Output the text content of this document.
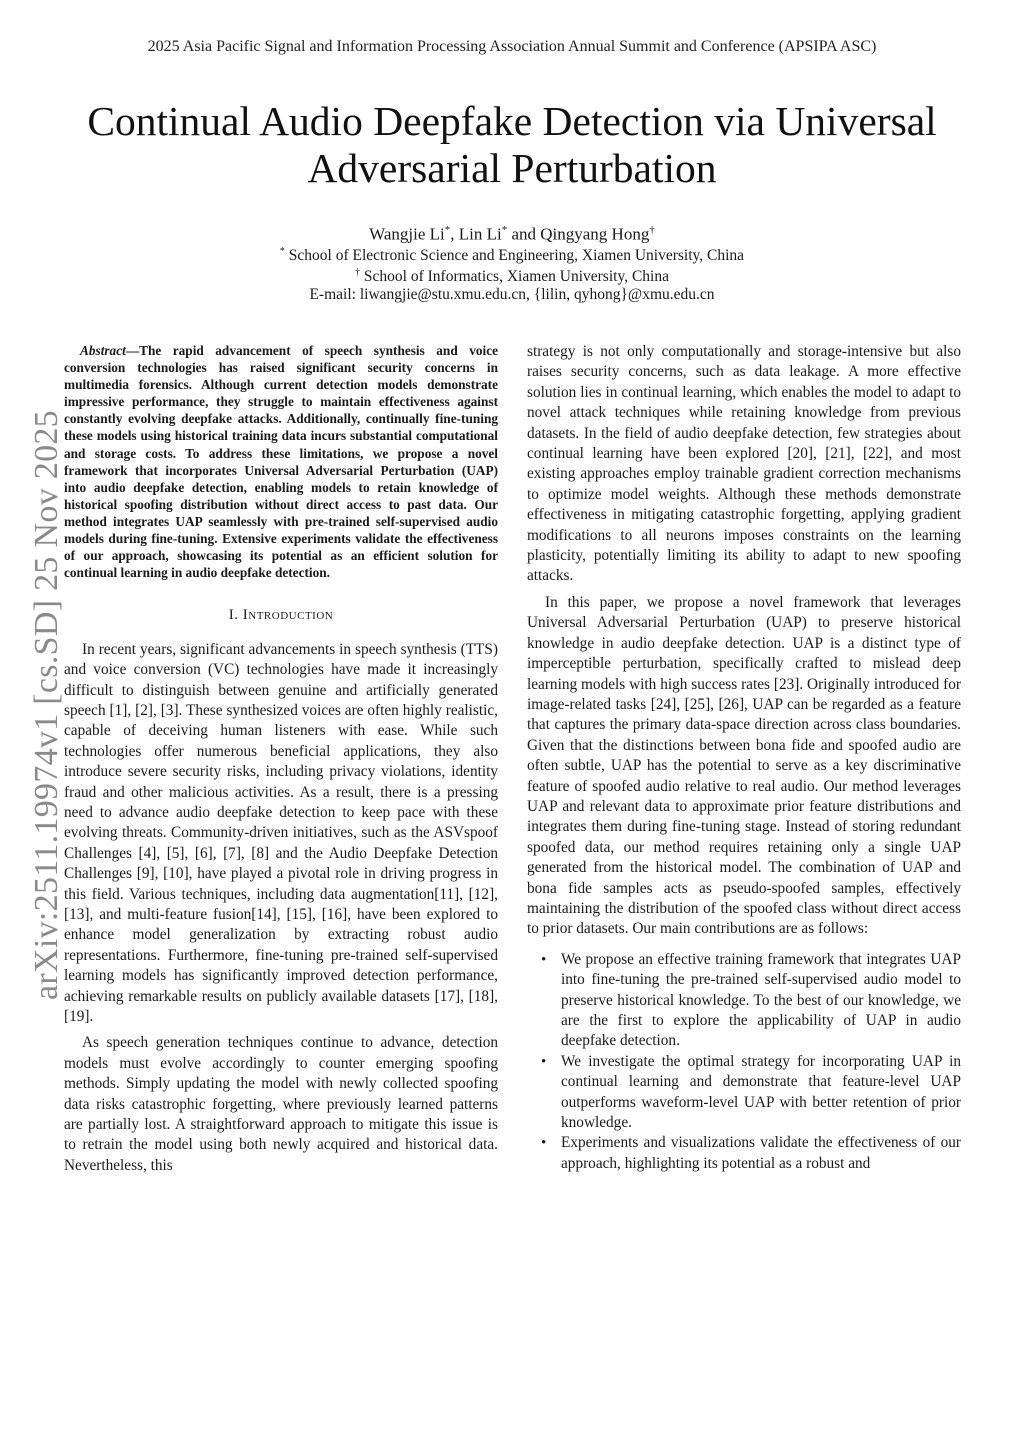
2025 Asia Pacific Signal and Information Processing Association Annual Summit and Conference (APSIPA ASC)
Continual Audio Deepfake Detection via Universal
Adversarial Perturbation
Wangjie Li*, Lin Li* and Qingyang Hong†
* School of Electronic Science and Engineering, Xiamen University, China
† School of Informatics, Xiamen University, China
E-mail: liwangjie@stu.xmu.edu.cn, {lilin, qyhong}@xmu.edu.cn
arXiv:2511.19974v1 [cs.SD] 25 Nov 2025

Abstract—The rapid advancement of speech synthesis and voice conversion technologies has raised significant security concerns in multimedia forensics. Although current detection models demonstrate impressive performance, they struggle to maintain effectiveness against constantly evolving deepfake attacks. Additionally, continually fine-tuning these models using historical training data incurs substantial computational and storage costs. To address these limitations, we propose a novel framework that incorporates Universal Adversarial Perturbation (UAP) into audio deepfake detection, enabling models to retain knowledge of historical spoofing distribution without direct access to past data. Our method integrates UAP seamlessly with pre-trained self-supervised audio models during fine-tuning. Extensive experiments validate the effectiveness of our approach, showcasing its potential as an efficient solution for continual learning in audio deepfake detection.

I. Introduction

In recent years, significant advancements in speech synthesis (TTS) and voice conversion (VC) technologies have made it increasingly difficult to distinguish between genuine and artificially generated speech [1], [2], [3]. These synthesized voices are often highly realistic, capable of deceiving human listeners with ease. While such technologies offer numerous beneficial applications, they also introduce severe security risks, including privacy violations, identity fraud and other malicious activities. As a result, there is a pressing need to advance audio deepfake detection to keep pace with these evolving threats. Community-driven initiatives, such as the ASVspoof Challenges [4], [5], [6], [7], [8] and the Audio Deepfake Detection Challenges [9], [10], have played a pivotal role in driving progress in this field. Various techniques, including data augmentation[11], [12], [13], and multi-feature fusion[14], [15], [16], have been explored to enhance model generalization by extracting robust audio representations. Furthermore, fine-tuning pre-trained self-supervised learning models has significantly improved detection performance, achieving remarkable results on publicly available datasets [17], [18], [19].

As speech generation techniques continue to advance, detection models must evolve accordingly to counter emerging spoofing methods. Simply updating the model with newly collected spoofing data risks catastrophic forgetting, where previously learned patterns are partially lost. A straightforward approach to mitigate this issue is to retrain the model using both newly acquired and historical data. Nevertheless, this

strategy is not only computationally and storage-intensive but also raises security concerns, such as data leakage. A more effective solution lies in continual learning, which enables the model to adapt to novel attack techniques while retaining knowledge from previous datasets. In the field of audio deepfake detection, few strategies about continual learning have been explored [20], [21], [22], and most existing approaches employ trainable gradient correction mechanisms to optimize model weights. Although these methods demonstrate effectiveness in mitigating catastrophic forgetting, applying gradient modifications to all neurons imposes constraints on the learning plasticity, potentially limiting its ability to adapt to new spoofing attacks.

In this paper, we propose a novel framework that leverages Universal Adversarial Perturbation (UAP) to preserve historical knowledge in audio deepfake detection. UAP is a distinct type of imperceptible perturbation, specifically crafted to mislead deep learning models with high success rates [23]. Originally introduced for image-related tasks [24], [25], [26], UAP can be regarded as a feature that captures the primary data-space direction across class boundaries. Given that the distinctions between bona fide and spoofed audio are often subtle, UAP has the potential to serve as a key discriminative feature of spoofed audio relative to real audio. Our method leverages UAP and relevant data to approximate prior feature distributions and integrates them during fine-tuning stage. Instead of storing redundant spoofed data, our method requires retaining only a single UAP generated from the historical model. The combination of UAP and bona fide samples acts as pseudo-spoofed samples, effectively maintaining the distribution of the spoofed class without direct access to prior datasets. Our main contributions are as follows:

• We propose an effective training framework that integrates UAP into fine-tuning the pre-trained self-supervised audio model to preserve historical knowledge. To the best of our knowledge, we are the first to explore the applicability of UAP in audio deepfake detection.
• We investigate the optimal strategy for incorporating UAP in continual learning and demonstrate that feature-level UAP outperforms waveform-level UAP with better retention of prior knowledge.
• Experiments and visualizations validate the effectiveness of our approach, highlighting its potential as a robust and
